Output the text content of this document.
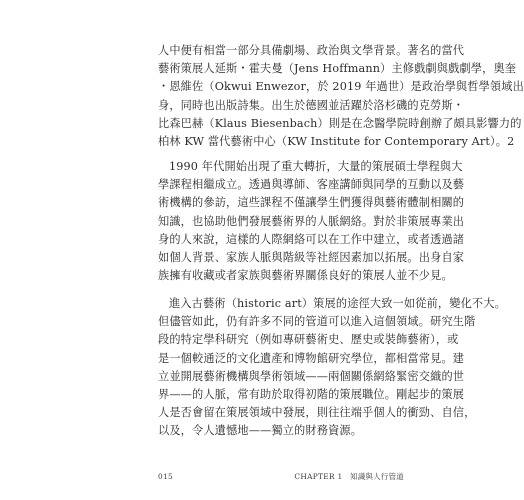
人中便有相當一部分具備劇場、政治與文學背景。著名的當代
藝術策展人延斯・霍夫曼（Jens Hoffmann）主修戲劇與戲劇學，奧奎
・恩維佐（Okwui Enwezor，於 2019 年過世）是政治學與哲學領域出
身，同時也出版詩集。出生於德國並活躍於洛杉磯的克勞斯・
比森巴赫（Klaus Biesenbach）則是在念醫學院時創辦了頗具影響力的
柏林 KW 當代藝術中心（KW Institute for Contemporary Art）。2
1990 年代開始出現了重大轉折，大量的策展碩士學程與大
學課程相繼成立。透過與導師、客座講師與同學的互動以及藝
術機構的參訪，這些課程不僅讓學生們獲得與藝術體制相關的
知識，也協助他們發展藝術界的人脈網絡。對於非策展專業出
身的人來說，這樣的人際網絡可以在工作中建立，或者透過諸
如個人背景、家族人脈與階級等社經因素加以拓展。出身自家
族擁有收藏或者家族與藝術界關係良好的策展人並不少見。
進入古藝術（historic art）策展的途徑大致一如從前，變化不大。
但儘管如此，仍有許多不同的管道可以進入這個領域。研究生階
段的特定學科研究（例如專研藝術史、歷史或裝飾藝術），或
是一個較通泛的文化遺產和博物館研究學位，都相當常見。建
立並開展藝術機構與學術領域——兩個關係網絡緊密交織的世
界——的人脈，常有助於取得初階的策展職位。剛起步的策展
人是否會留在策展領域中發展，則往往端乎個人的衝勁、自信，
以及，令人遺憾地——獨立的財務資源。
015	CHAPTER 1　知識與人行管道
